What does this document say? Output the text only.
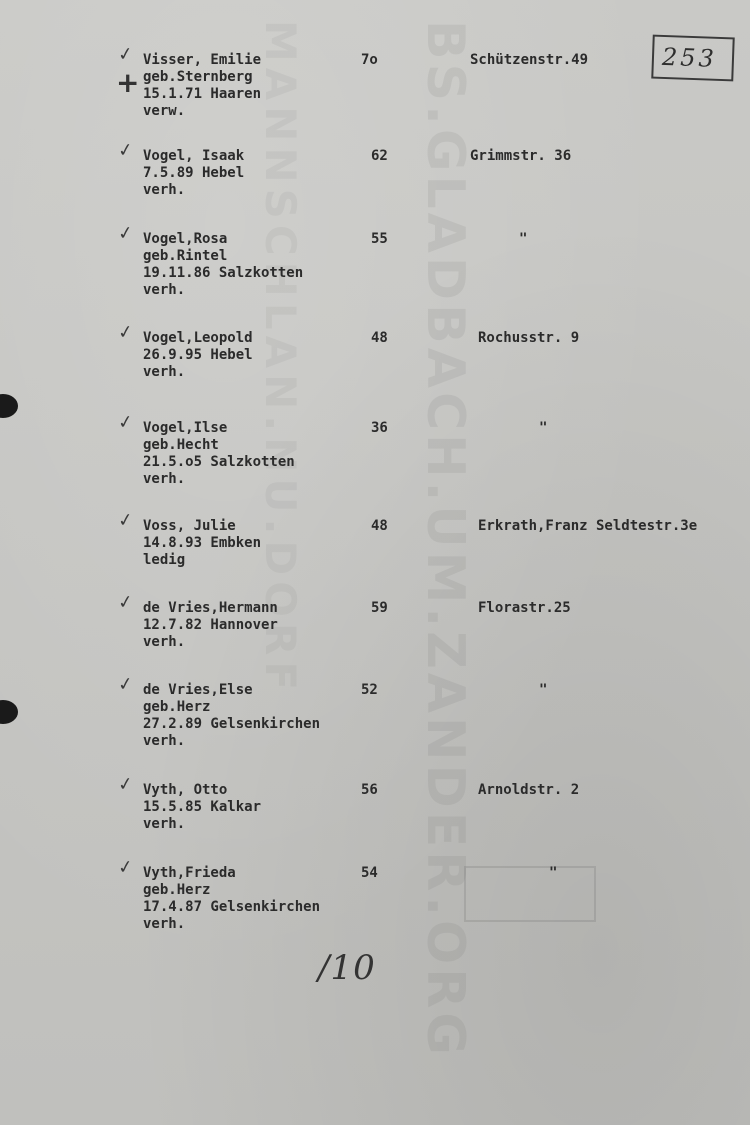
BS.GLADBACH.UM.ZANDER.ORG
MANNSCHLAN.NU.DORF	253
+
✓ Visser, Emilie
geb.Sternberg
15.1.71 Haaren
verw.
7o	Schützenstr.49
✓ Vogel, Isaak
7.5.89 Hebel
verh.
62	Grimmstr. 36
✓ Vogel,Rosa
geb.Rintel
19.11.86 Salzkotten
verh.
55	"
✓ Vogel,Leopold
26.9.95 Hebel
verh.
48	Rochusstr. 9
✓ Vogel,Ilse
geb.Hecht
21.5.o5 Salzkotten
verh.
36	"
✓ Voss, Julie
14.8.93 Embken
ledig
48	Erkrath,Franz Seldtestr.3e
✓ de Vries,Hermann
12.7.82 Hannover
verh.
59	Florastr.25
✓ de Vries,Else
geb.Herz
27.2.89 Gelsenkirchen
verh.
52	"
✓ Vyth, Otto
15.5.85 Kalkar
verh.
56	Arnoldstr. 2
✓ Vyth,Frieda
geb.Herz
17.4.87 Gelsenkirchen
verh.
54	"
/10
